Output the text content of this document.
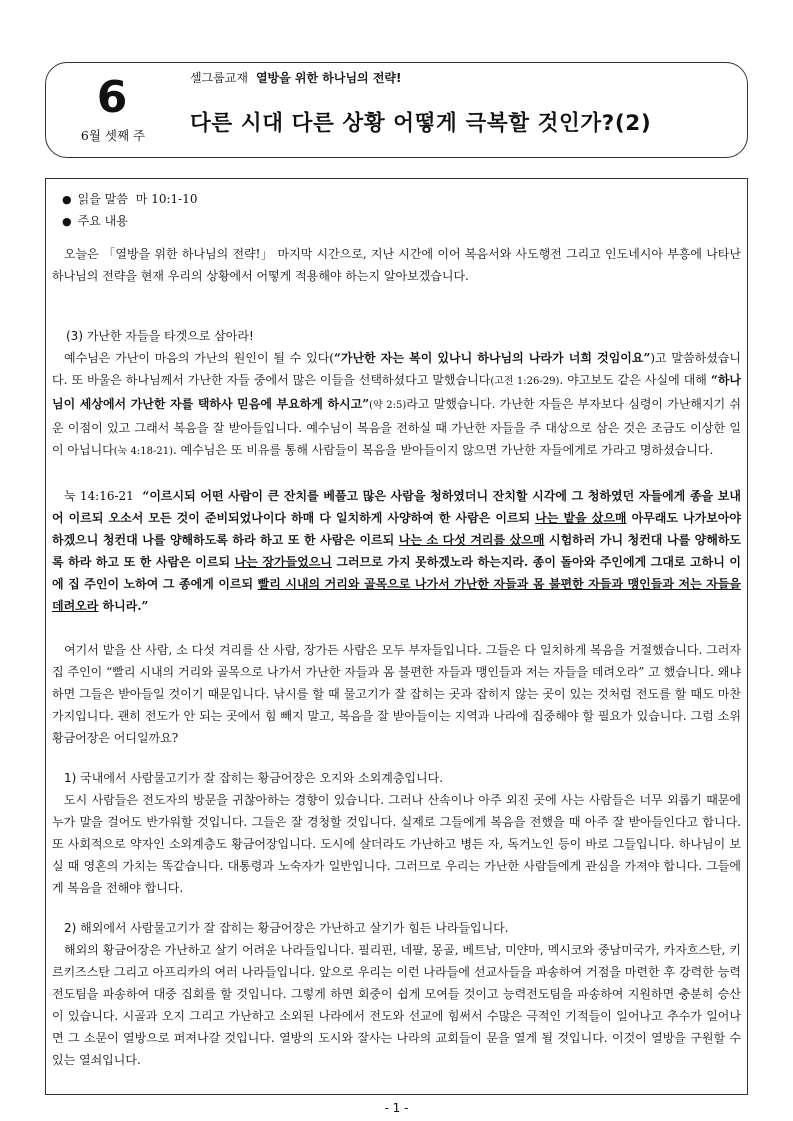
6
6월 셋째 주
셀그룹교재 열방을 위한 하나님의 전략!
다른 시대 다른 상황 어떻게 극복할 것인가?(2)
● 읽을 말씀 마 10:1-10
● 주요 내용

오늘은 「열방을 위한 하나님의 전략!」 마지막 시간으로, 지난 시간에 이어 복음서와 사도행전 그리고 인도네시아 부흥에 나타난 하나님의 전략을 현재 우리의 상황에서 어떻게 적용해야 하는지 알아보겠습니다.

(3) 가난한 자들을 타겟으로 삼아라!

예수님은 가난이 마음의 가난의 원인이 될 수 있다(“가난한 자는 복이 있나니 하나님의 나라가 너희 것임이요”)고 말씀하셨습니다. 또 바울은 하나님께서 가난한 자들 중에서 많은 이들을 선택하셨다고 말했습니다(고전 1:26-29). 야고보도 같은 사실에 대해 “하나님이 세상에서 가난한 자를 택하사 믿음에 부요하게 하시고”(약 2:5)라고 말했습니다. 가난한 자들은 부자보다 심령이 가난해지기 쉬운 이점이 있고 그래서 복음을 잘 받아들입니다. 예수님이 복음을 전하실 때 가난한 자들을 주 대상으로 삼은 것은 조금도 이상한 일이 아닙니다(눅 4:18-21). 예수님은 또 비유를 통해 사람들이 복음을 받아들이지 않으면 가난한 자들에게로 가라고 명하셨습니다.

눅 14:16-21 “이르시되 어떤 사람이 큰 잔치를 베풀고 많은 사람을 청하였더니 잔치할 시각에 그 청하였던 자들에게 종을 보내어 이르되 오소서 모든 것이 준비되었나이다 하매 다 일치하게 사양하여 한 사람은 이르되 나는 밭을 샀으매 아무래도 나가보아야 하겠으니 청컨대 나를 양해하도록 하라 하고 또 한 사람은 이르되 나는 소 다섯 겨리를 샀으매 시험하러 가니 청컨대 나를 양해하도록 하라 하고 또 한 사람은 이르되 나는 장가들었으니 그러므로 가지 못하겠노라 하는지라. 종이 돌아와 주인에게 그대로 고하니 이에 집 주인이 노하여 그 종에게 이르되 빨리 시내의 거리와 골목으로 나가서 가난한 자들과 몸 불편한 자들과 맹인들과 저는 자들을 데려오라 하니라.”

여기서 밭을 산 사람, 소 다섯 겨리를 산 사람, 장가든 사람은 모두 부자들입니다. 그들은 다 일치하게 복음을 거절했습니다. 그러자 집 주인이 “빨리 시내의 거리와 골목으로 나가서 가난한 자들과 몸 불편한 자들과 맹인들과 저는 자들을 데려오라” 고 했습니다. 왜냐하면 그들은 받아들일 것이기 때문입니다. 낚시를 할 때 물고기가 잘 잡히는 곳과 잡히지 않는 곳이 있는 것처럼 전도를 할 때도 마찬가지입니다. 괜히 전도가 안 되는 곳에서 힘 빼지 말고, 복음을 잘 받아들이는 지역과 나라에 집중해야 할 필요가 있습니다. 그럼 소위 황금어장은 어디일까요?

1) 국내에서 사람물고기가 잘 잡히는 황금어장은 오지와 소외계층입니다.

도시 사람들은 전도자의 방문을 귀찮아하는 경향이 있습니다. 그러나 산속이나 아주 외진 곳에 사는 사람들은 너무 외롭기 때문에 누가 말을 걸어도 반가워할 것입니다. 그들은 잘 경청할 것입니다. 실제로 그들에게 복음을 전했을 때 아주 잘 받아들인다고 합니다. 또 사회적으로 약자인 소외계층도 황금어장입니다. 도시에 살더라도 가난하고 병든 자, 독거노인 등이 바로 그들입니다. 하나님이 보실 때 영혼의 가치는 똑같습니다. 대통령과 노숙자가 일반입니다. 그러므로 우리는 가난한 사람들에게 관심을 가져야 합니다. 그들에게 복음을 전해야 합니다.

2) 해외에서 사람물고기가 잘 잡히는 황금어장은 가난하고 살기가 힘든 나라들입니다.

해외의 황금어장은 가난하고 살기 어려운 나라들입니다. 필리핀, 네팔, 몽골, 베트남, 미얀마, 멕시코와 중남미국가, 카자흐스탄, 키르키즈스탄 그리고 아프리카의 여러 나라들입니다. 앞으로 우리는 이런 나라들에 선교사들을 파송하여 거점을 마련한 후 강력한 능력전도팀을 파송하여 대중 집회를 할 것입니다. 그렇게 하면 회중이 쉽게 모여들 것이고 능력전도팀을 파송하여 지원하면 충분히 승산이 있습니다. 시골과 오지 그리고 가난하고 소외된 나라에서 전도와 선교에 힘써서 수많은 극적인 기적들이 일어나고 추수가 일어나면 그 소문이 열방으로 퍼져나갈 것입니다. 열방의 도시와 잘사는 나라의 교회들이 문을 열게 될 것입니다. 이것이 열방을 구원할 수 있는 열쇠입니다.

- 1 -
